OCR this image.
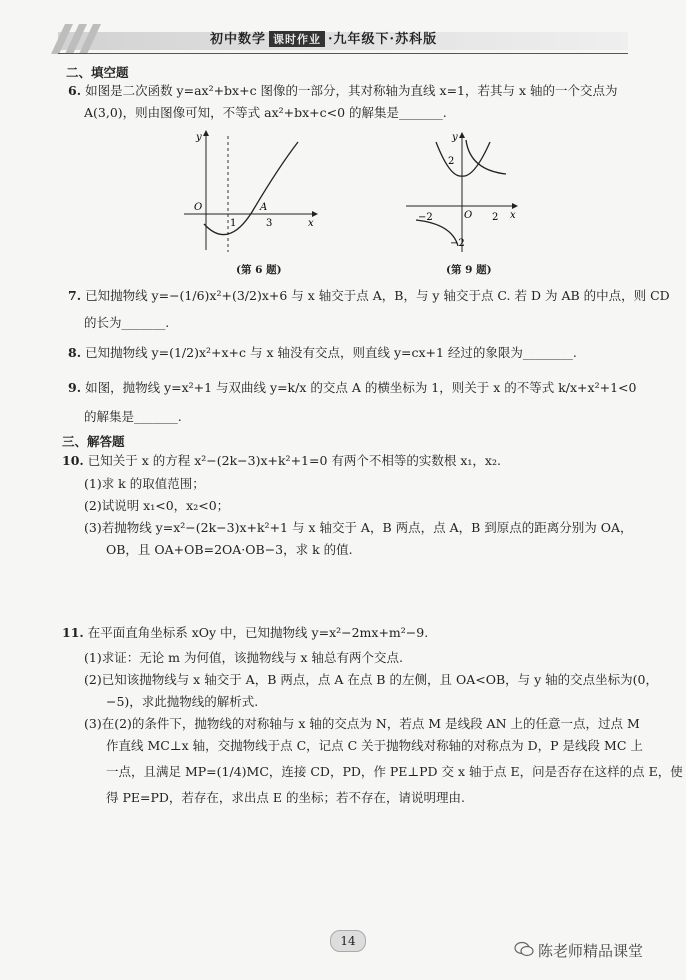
初中数学 课时作业 ·九年级下·苏科版
二、填空题
6. 如图是二次函数 y=ax²+bx+c 图像的一部分，其对称轴为直线 x=1，若其与 x 轴的一个交点为
A(3,0)，则由图像可知，不等式 ax²+bx+c<0 的解集是_______.
y
x
O
1	3
A
(第 6 题)
2
−2
−2	2
O
y
x
(第 9 题)
7. 已知抛物线 y=−(1/6)x²+(3/2)x+6 与 x 轴交于点 A，B，与 y 轴交于点 C. 若 D 为 AB 的中点，则 CD
的长为_______.
8. 已知抛物线 y=(1/2)x²+x+c 与 x 轴没有交点，则直线 y=cx+1 经过的象限为________.
9. 如图，抛物线 y=x²+1 与双曲线 y=k/x 的交点 A 的横坐标为 1，则关于 x 的不等式 k/x+x²+1<0
的解集是_______.
三、解答题
10. 已知关于 x 的方程 x²−(2k−3)x+k²+1=0 有两个不相等的实数根 x₁，x₂.
(1)求 k 的取值范围；
(2)试说明 x₁<0，x₂<0；
(3)若抛物线 y=x²−(2k−3)x+k²+1 与 x 轴交于 A，B 两点，点 A，B 到原点的距离分别为 OA，
OB，且 OA+OB=2OA·OB−3，求 k 的值.
11. 在平面直角坐标系 xOy 中，已知抛物线 y=x²−2mx+m²−9.
(1)求证：无论 m 为何值，该抛物线与 x 轴总有两个交点.
(2)已知该抛物线与 x 轴交于 A，B 两点，点 A 在点 B 的左侧，且 OA<OB，与 y 轴的交点坐标为(0，
−5)，求此抛物线的解析式.
(3)在(2)的条件下，抛物线的对称轴与 x 轴的交点为 N，若点 M 是线段 AN 上的任意一点，过点 M
作直线 MC⊥x 轴，交抛物线于点 C，记点 C 关于抛物线对称轴的对称点为 D，P 是线段 MC 上
一点，且满足 MP=(1/4)MC，连接 CD，PD，作 PE⊥PD 交 x 轴于点 E，问是否存在这样的点 E，使
得 PE=PD，若存在，求出点 E 的坐标；若不存在，请说明理由.
14
陈老师精品课堂
